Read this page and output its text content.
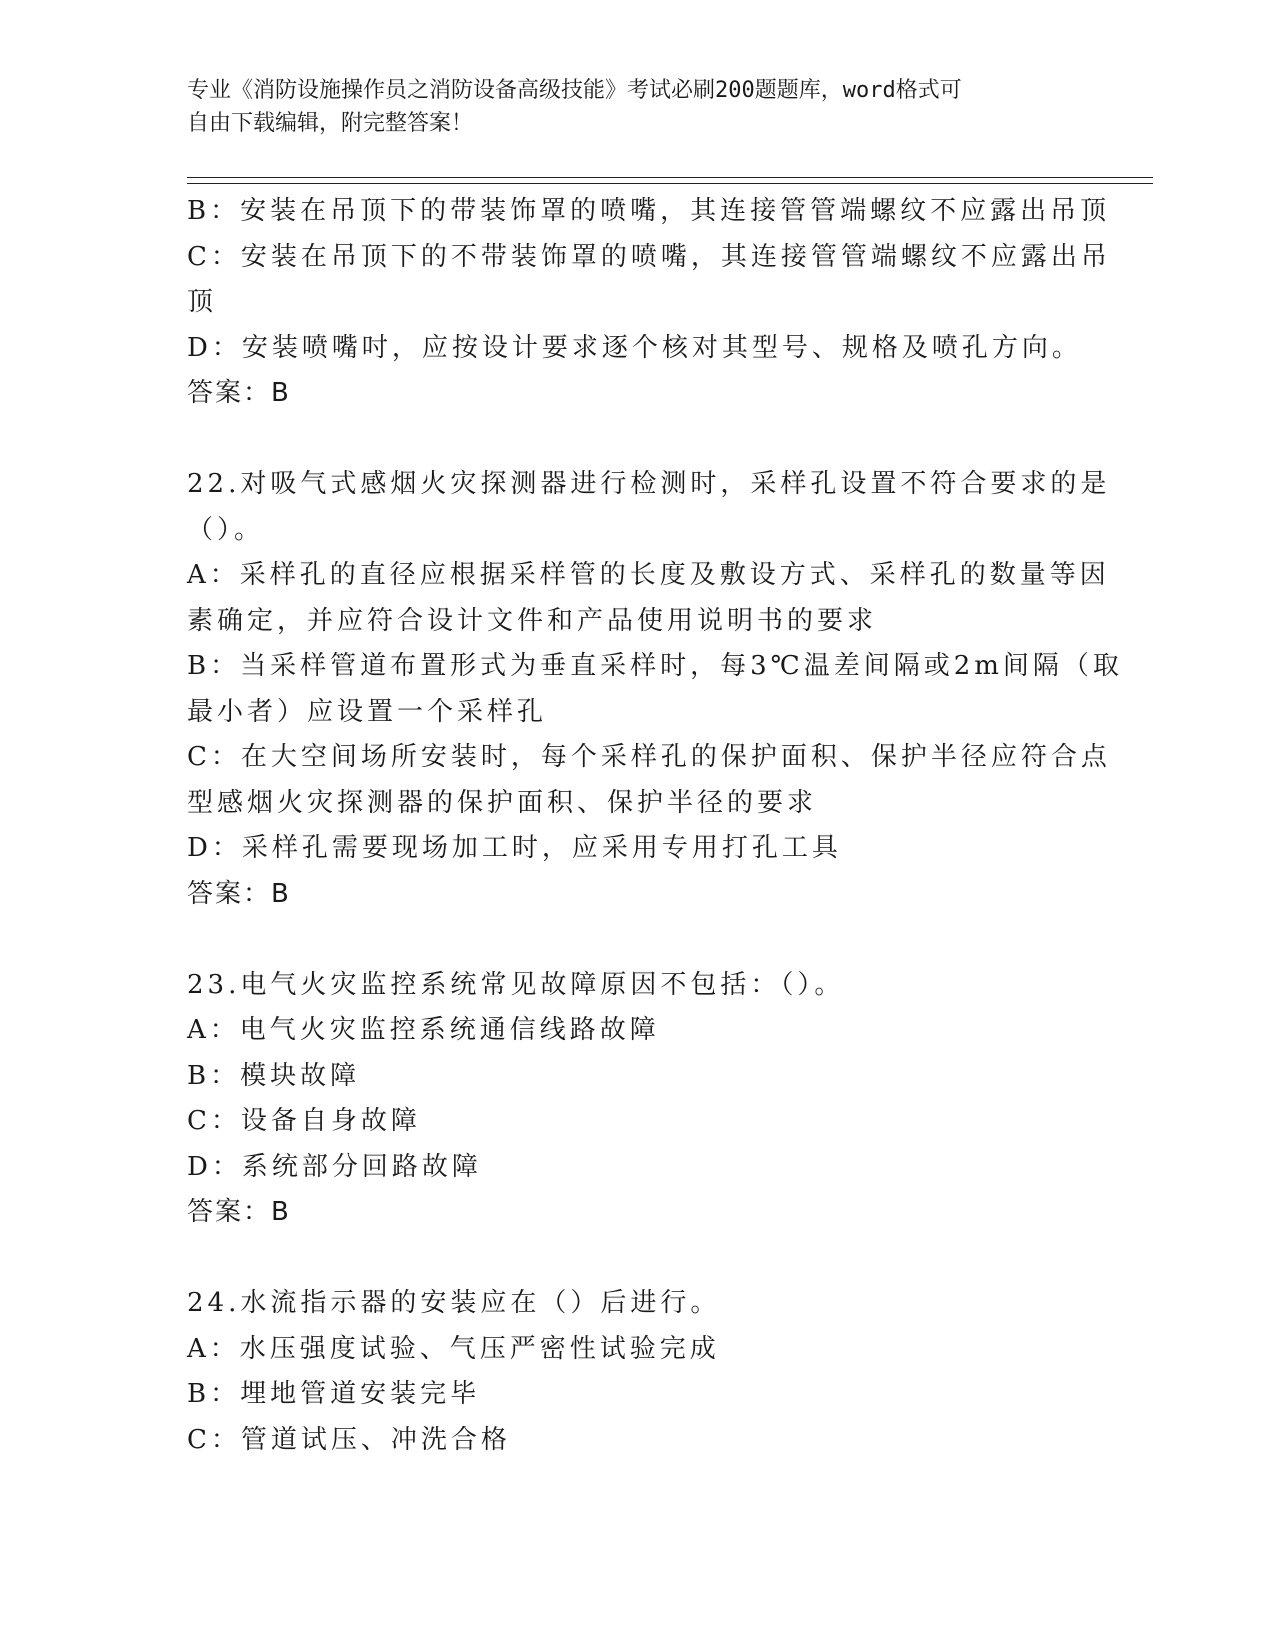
专业《消防设施操作员之消防设备高级技能》考试必刷200题题库，word格式可
自由下载编辑，附完整答案！
B：安装在吊顶下的带装饰罩的喷嘴，其连接管管端螺纹不应露出吊顶
C：安装在吊顶下的不带装饰罩的喷嘴，其连接管管端螺纹不应露出吊
顶
D：安装喷嘴吋，应按设计要求逐个核对其型号、规格及喷孔方向。
答案：B
22.对吸气式感烟火灾探测器进行检测时，采样孔设置不符合要求的是
（）。
A：采样孔的直径应根据采样管的长度及敷设方式、采样孔的数量等因
素确定，并应符合设计文件和产品使用说明书的要求
B：当采样管道布置形式为垂直采样时，每3℃温差间隔或2m间隔（取
最小者）应设置一个采样孔
C：在大空间场所安装时，每个采样孔的保护面积、保护半径应符合点
型感烟火灾探测器的保护面积、保护半径的要求
D：采样孔需要现场加工时，应采用专用打孔工具
答案：B
23.电气火灾监控系统常见故障原因不包括：（）。
A：电气火灾监控系统通信线路故障
B：模块故障
C：设备自身故障
D：系统部分回路故障
答案：B
24.水流指示器的安装应在（）后进行。
A：水压强度试验、气压严密性试验完成
B：埋地管道安装完毕
C：管道试压、冲洗合格
